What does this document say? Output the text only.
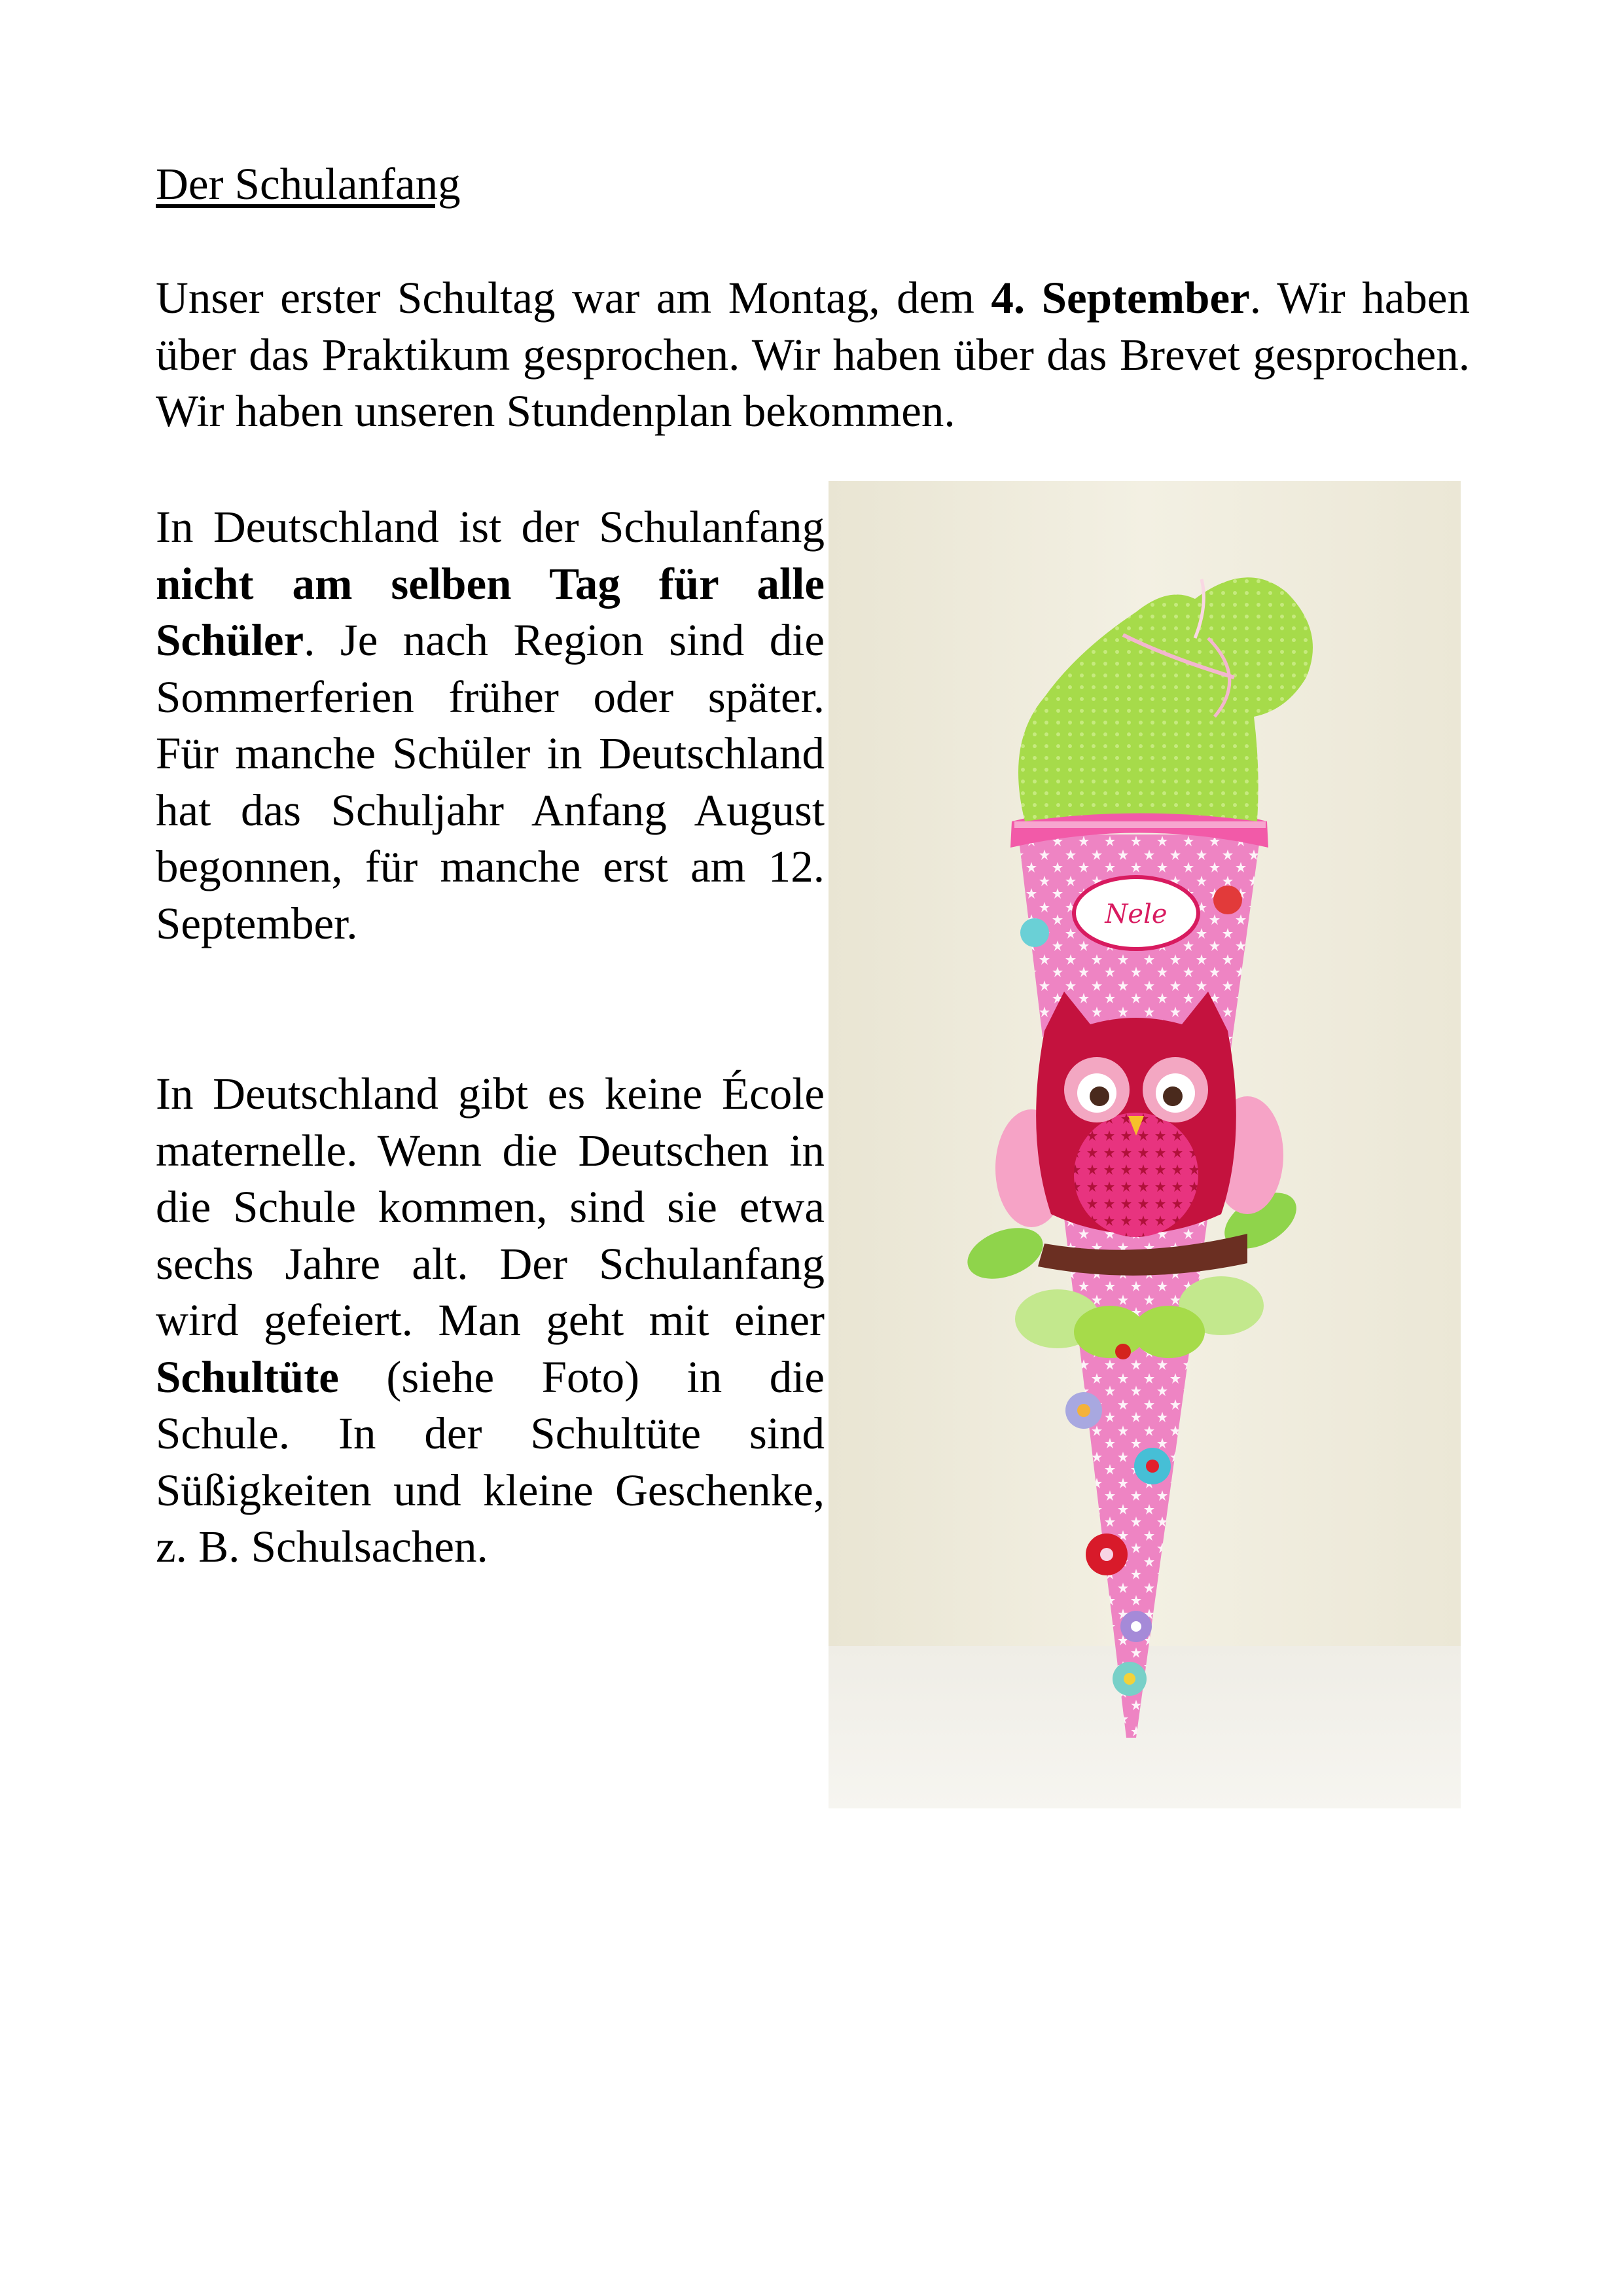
Der Schulanfang

Unser erster Schultag war am Montag, dem 4. September. Wir haben über das Praktikum gesprochen. Wir haben über das Brevet gesprochen. Wir haben unseren Stundenplan bekommen.

In Deutschland ist der Schulanfang nicht am selben Tag für alle Schüler. Je nach Region sind die Sommerferien früher oder später. Für manche Schüler in Deutschland hat das Schuljahr Anfang August begonnen, für manche erst am 12. September.

In Deutschland gibt es keine École maternelle. Wenn die Deutschen in die Schule kommen, sind sie etwa sechs Jahre alt. Der Schulanfang wird gefeiert. Man geht mit einer Schultüte (siehe Foto) in die Schule. In der Schultüte sind Süßigkeiten und kleine Geschenke, z. B. Schulsachen.

Nele
